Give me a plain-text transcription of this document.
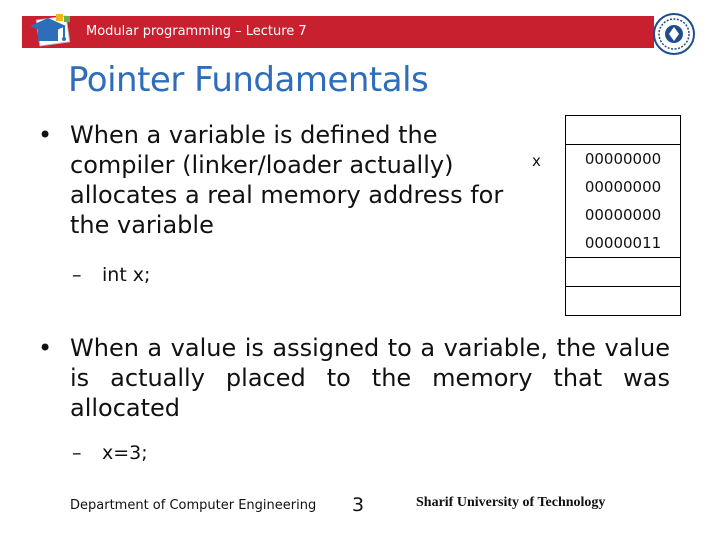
Modular programming – Lecture 7
Pointer Fundamentals
• When a variable is defined the compiler (linker/loader actually) allocates a real memory address for the variable
– int x;
x	00000000
00000000
00000000
00000011
• When a value is assigned to a variable, the value is actually placed to the memory that was allocated
– x=3;
Department of Computer Engineering 3	Sharif University of Technology
